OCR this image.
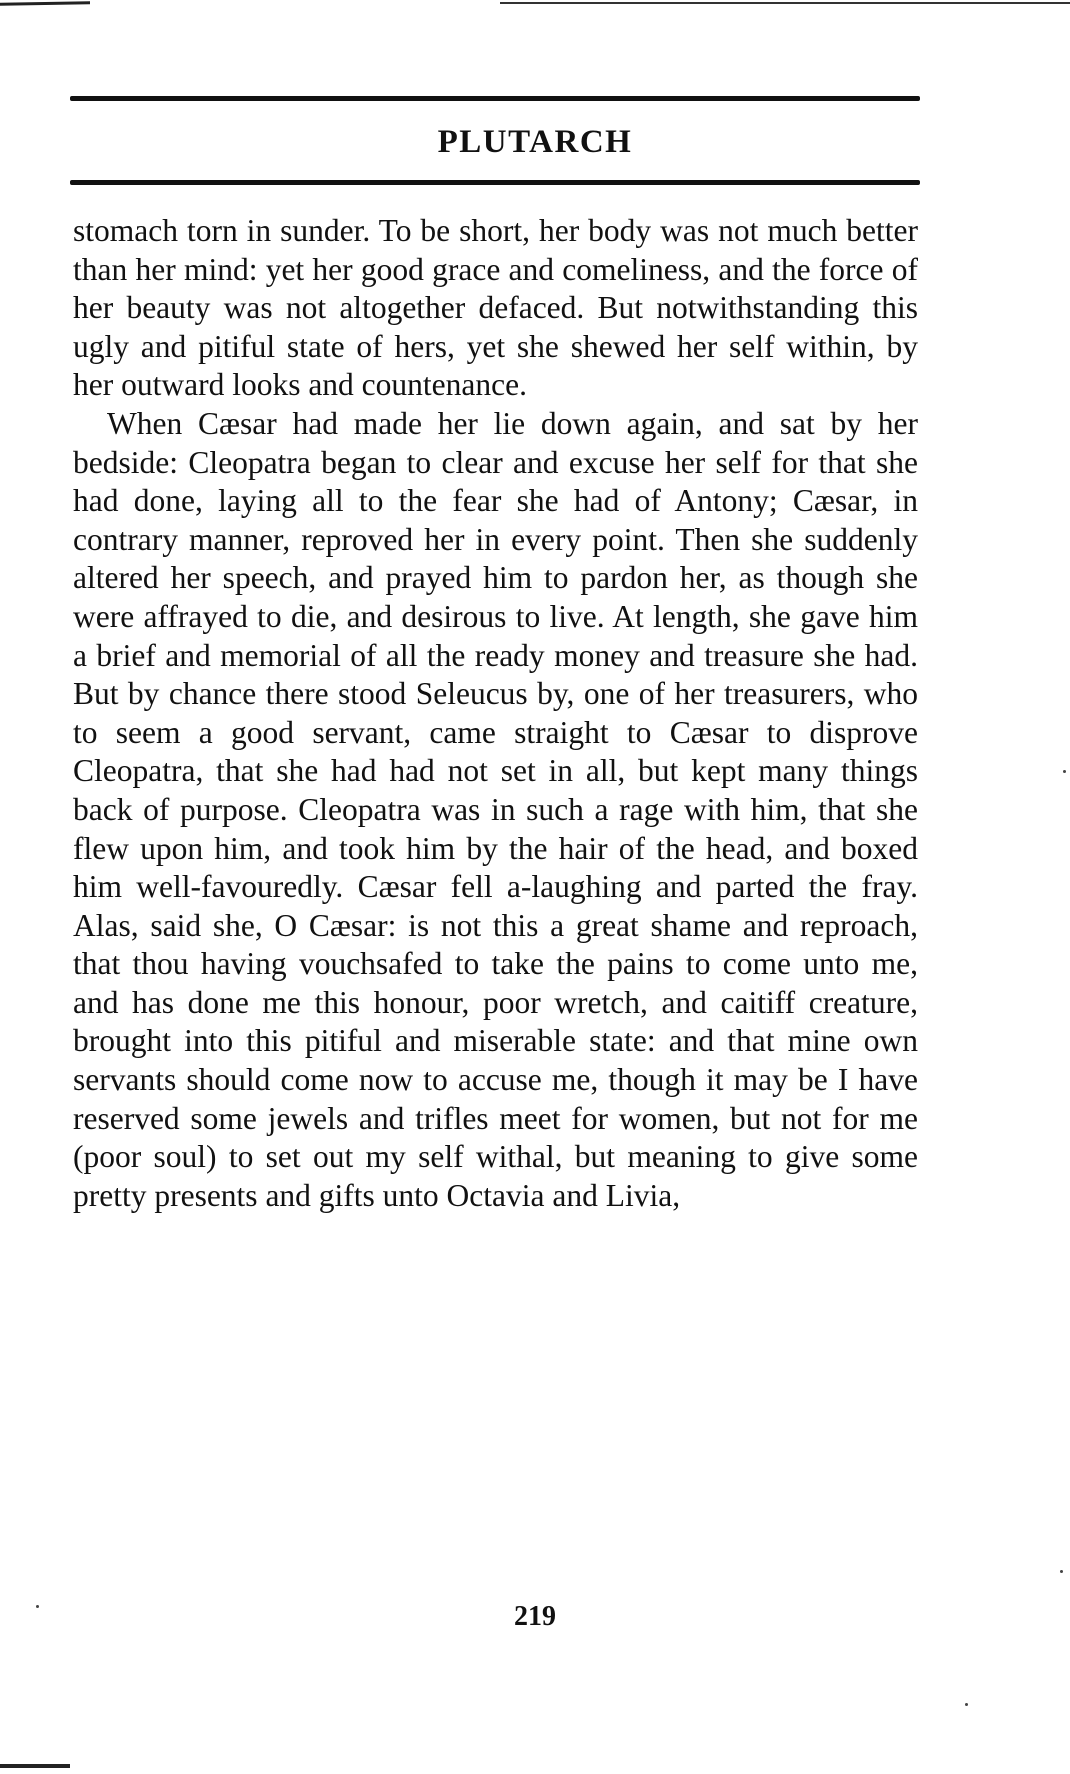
PLUTARCH

stomach torn in sunder. To be short, her body was not much better than her mind: yet her good grace and comeliness, and the force of her beauty was not altogether defaced. But notwithstanding this ugly and pitiful state of hers, yet she shewed her self within, by her outward looks and countenance.

When Cæsar had made her lie down again, and sat by her bedside: Cleopatra began to clear and excuse her self for that she had done, laying all to the fear she had of Antony; Cæsar, in contrary manner, reproved her in every point. Then she suddenly altered her speech, and prayed him to pardon her, as though she were affrayed to die, and desirous to live. At length, she gave him a brief and memorial of all the ready money and treasure she had. But by chance there stood Seleucus by, one of her treasurers, who to seem a good servant, came straight to Cæsar to disprove Cleopatra, that she had had not set in all, but kept many things back of purpose. Cleopatra was in such a rage with him, that she flew upon him, and took him by the hair of the head, and boxed him well-favouredly. Cæsar fell a-laughing and parted the fray. Alas, said she, O Cæsar: is not this a great shame and reproach, that thou having vouchsafed to take the pains to come unto me, and has done me this honour, poor wretch, and caitiff creature, brought into this pitiful and miserable state: and that mine own servants should come now to accuse me, though it may be I have reserved some jewels and trifles meet for women, but not for me (poor soul) to set out my self withal, but meaning to give some pretty presents and gifts unto Octavia and Livia,

219
